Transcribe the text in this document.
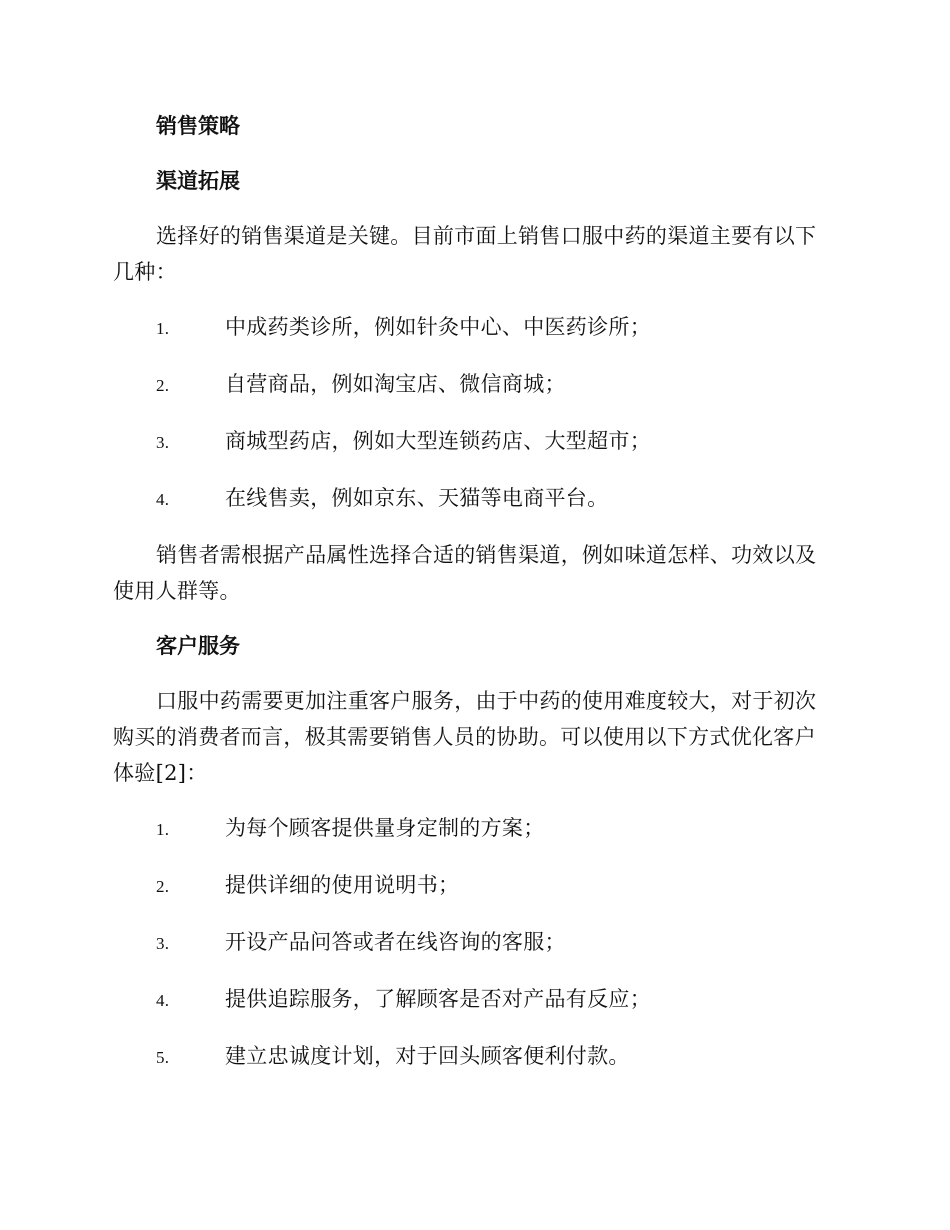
销售策略
渠道拓展

选择好的销售渠道是关键。目前市面上销售口服中药的渠道主要有以下几种：

1.	中成药类诊所，例如针灸中心、中医药诊所；
2.	自营商品，例如淘宝店、微信商城；
3.	商城型药店，例如大型连锁药店、大型超市；
4.	在线售卖，例如京东、天猫等电商平台。

销售者需根据产品属性选择合适的销售渠道，例如味道怎样、功效以及使用人群等。

客户服务

口服中药需要更加注重客户服务，由于中药的使用难度较大，对于初次购买的消费者而言，极其需要销售人员的协助。可以使用以下方式优化客户体验[2]：

1.	为每个顾客提供量身定制的方案；
2.	提供详细的使用说明书；
3.	开设产品问答或者在线咨询的客服；
4.	提供追踪服务，了解顾客是否对产品有反应；
5.	建立忠诚度计划，对于回头顾客便利付款。
